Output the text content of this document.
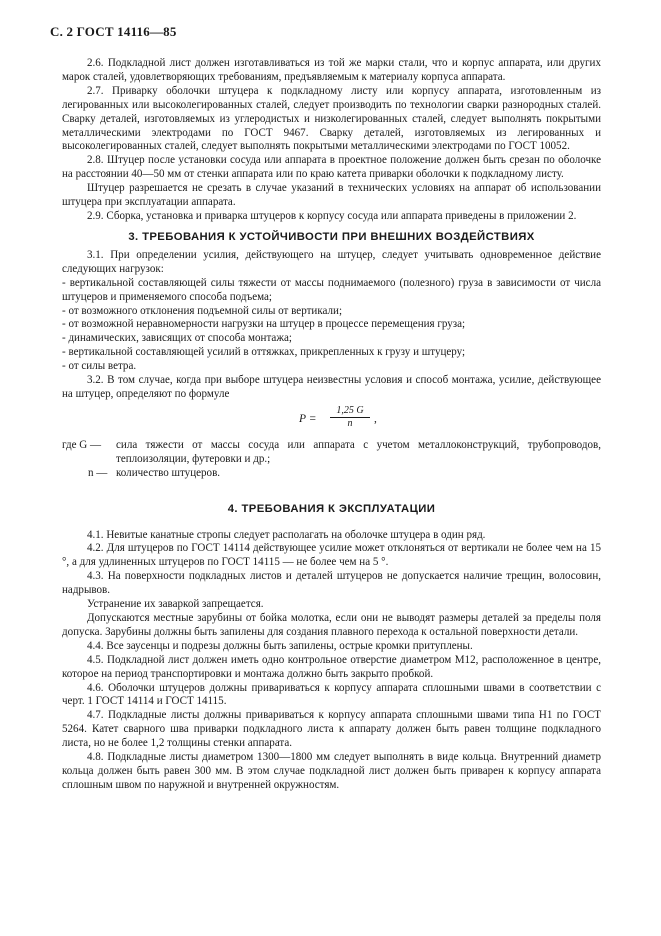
С. 2 ГОСТ 14116—85

2.6. Подкладной лист должен изготавливаться из той же марки стали, что и корпус аппарата, или других марок сталей, удовлетворяющих требованиям, предъявляемым к материалу корпуса аппарата.

2.7. Приварку оболочки штуцера к подкладному листу или корпусу аппарата, изготовленным из легированных или высоколегированных сталей, следует производить по технологии сварки разнородных сталей. Сварку деталей, изготовляемых из углеродистых и низколегированных сталей, следует выполнять покрытыми металлическими электродами по ГОСТ 9467. Сварку деталей, изготовляемых из легированных и высоколегированных сталей, следует выполнять покрытыми металлическими электродами по ГОСТ 10052.

2.8. Штуцер после установки сосуда или аппарата в проектное положение должен быть срезан по оболочке на расстоянии 40—50 мм от стенки аппарата или по краю катета приварки оболочки к подкладному листу.

Штуцер разрешается не срезать в случае указаний в технических условиях на аппарат об использовании штуцера при эксплуатации аппарата.

2.9. Сборка, установка и приварка штуцеров к корпусу сосуда или аппарата приведены в приложении 2.

3. ТРЕБОВАНИЯ К УСТОЙЧИВОСТИ ПРИ ВНЕШНИХ ВОЗДЕЙСТВИЯХ

3.1. При определении усилия, действующего на штуцер, следует учитывать одновременное действие следующих нагрузок:

- вертикальной составляющей силы тяжести от массы поднимаемого (полезного) груза в зависимости от числа штуцеров и применяемого способа подъема;

- от возможного отклонения подъемной силы от вертикали;

- от возможной неравномерности нагрузки на штуцер в процессе перемещения груза;

- динамических, зависящих от способа монтажа;

- вертикальной составляющей усилий в оттяжках, прикрепленных к грузу и штуцеру;

- от силы ветра.

3.2. В том случае, когда при выборе штуцера неизвестны условия и способ монтажа, усилие, действующее на штуцер, определяют по формуле

$P = \frac{1,25 G}{n}$ ,
где G — сила тяжести от массы сосуда или аппарата с учетом металлоконструкций, трубопроводов, теплоизоляции, футеровки и др.;
n — количество штуцеров.
4. ТРЕБОВАНИЯ К ЭКСПЛУАТАЦИИ

4.1. Невитые канатные стропы следует располагать на оболочке штуцера в один ряд.

4.2. Для штуцеров по ГОСТ 14114 действующее усилие может отклоняться от вертикали не более чем на 15 °, а для удлиненных штуцеров по ГОСТ 14115 — не более чем на 5 °.

4.3. На поверхности подкладных листов и деталей штуцеров не допускается наличие трещин, волосовин, надрывов.

Устранение их заваркой запрещается.

Допускаются местные зарубины от бойка молотка, если они не выводят размеры деталей за пределы поля допуска. Зарубины должны быть запилены для создания плавного перехода к остальной поверхности детали.

4.4. Все заусенцы и подрезы должны быть запилены, острые кромки притуплены.

4.5. Подкладной лист должен иметь одно контрольное отверстие диаметром М12, расположенное в центре, которое на период транспортировки и монтажа должно быть закрыто пробкой.

4.6. Оболочки штуцеров должны привариваться к корпусу аппарата сплошными швами в соответствии с черт. 1 ГОСТ 14114 и ГОСТ 14115.

4.7. Подкладные листы должны привариваться к корпусу аппарата сплошными швами типа Н1 по ГОСТ 5264. Катет сварного шва приварки подкладного листа к аппарату должен быть равен толщине подкладного листа, но не более 1,2 толщины стенки аппарата.

4.8. Подкладные листы диаметром 1300—1800 мм следует выполнять в виде кольца. Внутренний диаметр кольца должен быть равен 300 мм. В этом случае подкладной лист должен быть приварен к корпусу аппарата сплошным швом по наружной и внутренней окружностям.
